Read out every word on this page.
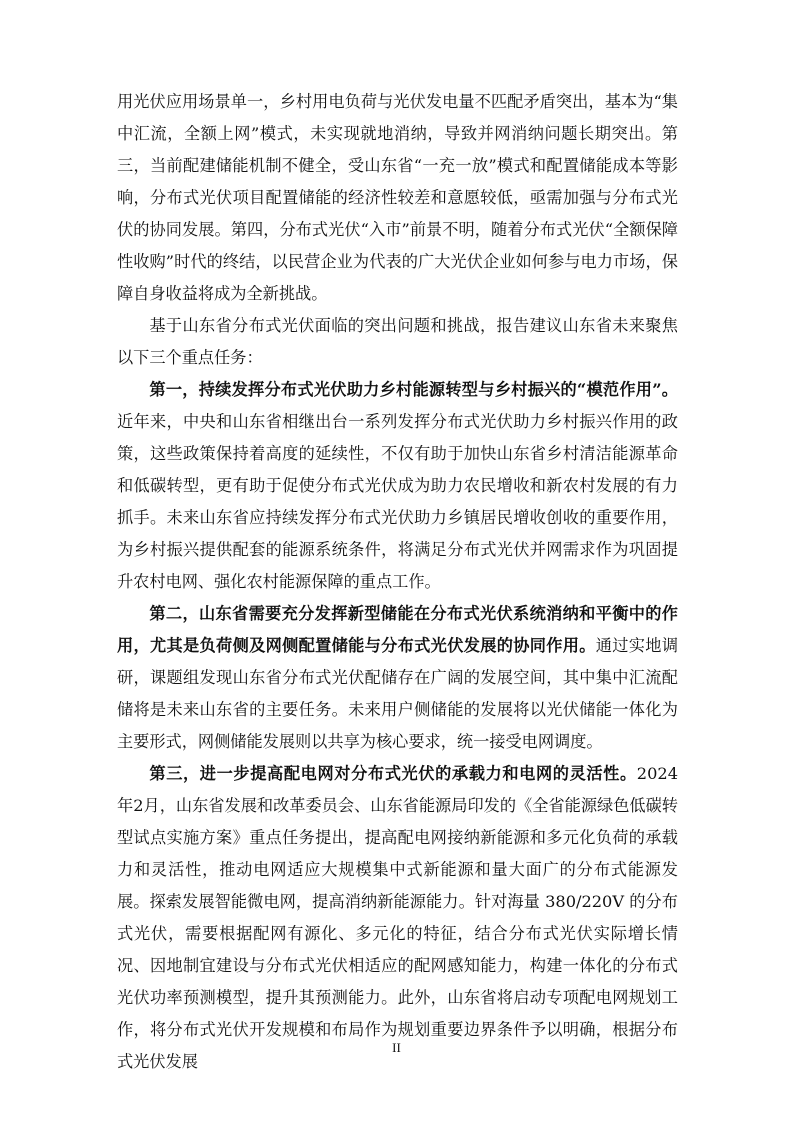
用光伏应用场景单一，乡村用电负荷与光伏发电量不匹配矛盾突出，基本为“集中汇流，全额上网”模式，未实现就地消纳，导致并网消纳问题长期突出。第三，当前配建储能机制不健全，受山东省“一充一放”模式和配置储能成本等影响，分布式光伏项目配置储能的经济性较差和意愿较低，亟需加强与分布式光伏的协同发展。第四，分布式光伏“入市”前景不明，随着分布式光伏“全额保障性收购”时代的终结，以民营企业为代表的广大光伏企业如何参与电力市场，保障自身收益将成为全新挑战。

基于山东省分布式光伏面临的突出问题和挑战，报告建议山东省未来聚焦以下三个重点任务：

第一，持续发挥分布式光伏助力乡村能源转型与乡村振兴的“模范作用”。近年来，中央和山东省相继出台一系列发挥分布式光伏助力乡村振兴作用的政策，这些政策保持着高度的延续性，不仅有助于加快山东省乡村清洁能源革命和低碳转型，更有助于促使分布式光伏成为助力农民增收和新农村发展的有力抓手。未来山东省应持续发挥分布式光伏助力乡镇居民增收创收的重要作用，为乡村振兴提供配套的能源系统条件，将满足分布式光伏并网需求作为巩固提升农村电网、强化农村能源保障的重点工作。

第二，山东省需要充分发挥新型储能在分布式光伏系统消纳和平衡中的作用，尤其是负荷侧及网侧配置储能与分布式光伏发展的协同作用。通过实地调研，课题组发现山东省分布式光伏配储存在广阔的发展空间，其中集中汇流配储将是未来山东省的主要任务。未来用户侧储能的发展将以光伏储能一体化为主要形式，网侧储能发展则以共享为核心要求，统一接受电网调度。

第三，进一步提高配电网对分布式光伏的承载力和电网的灵活性。2024 年2月，山东省发展和改革委员会、山东省能源局印发的《全省能源绿色低碳转型试点实施方案》重点任务提出，提高配电网接纳新能源和多元化负荷的承载力和灵活性，推动电网适应大规模集中式新能源和量大面广的分布式能源发展。探索发展智能微电网，提高消纳新能源能力。针对海量 380/220V 的分布式光伏，需要根据配网有源化、多元化的特征，结合分布式光伏实际增长情况、因地制宜建设与分布式光伏相适应的配网感知能力，构建一体化的分布式光伏功率预测模型，提升其预测能力。此外，山东省将启动专项配电网规划工作，将分布式光伏开发规模和布局作为规划重要边界条件予以明确，根据分布式光伏发展

II
